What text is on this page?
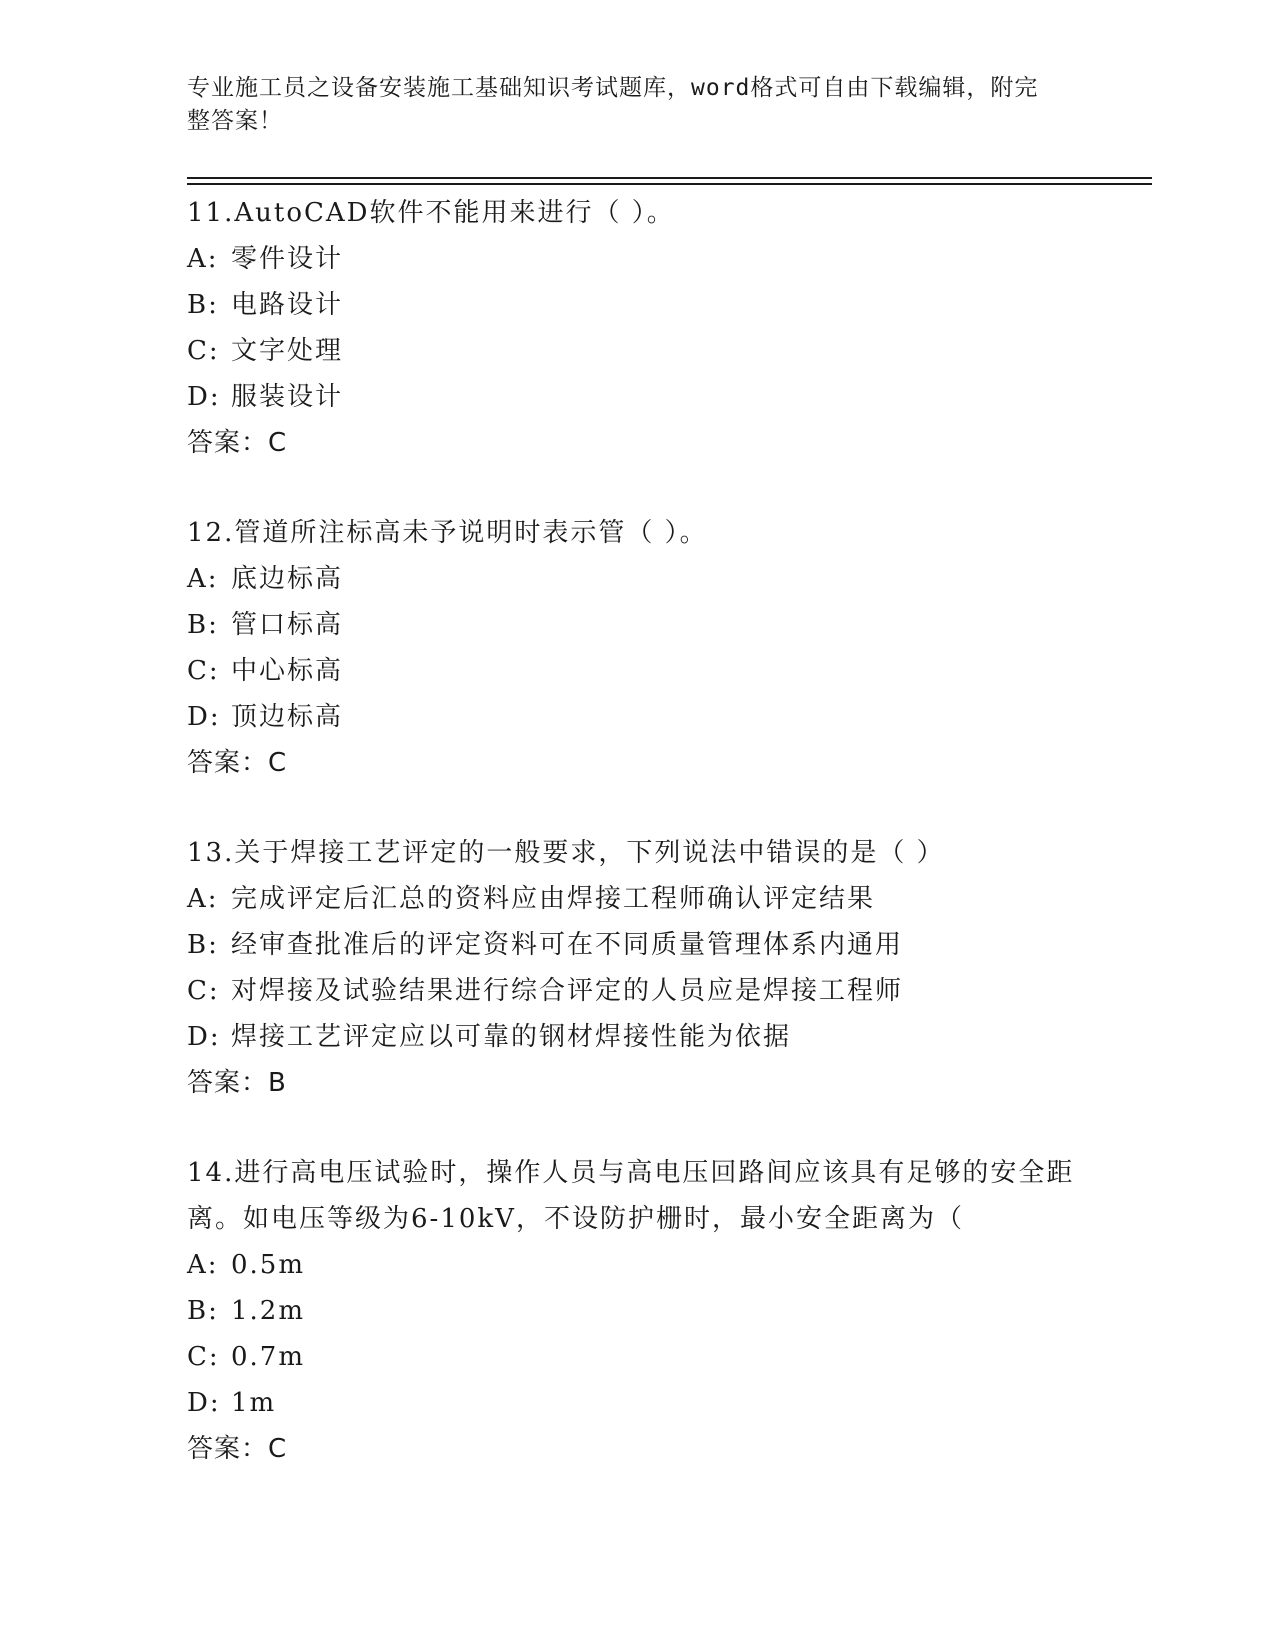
专业施工员之设备安装施工基础知识考试题库，word格式可自由下载编辑，附完
整答案！
11.AutoCAD软件不能用来进行（ ）。
A: 零件设计
B: 电路设计
C: 文字处理
D: 服装设计
答案：C
12.管道所注标高未予说明时表示管（ ）。
A: 底边标高
B: 管口标高
C: 中心标高
D: 顶边标高
答案：C
13.关于焊接工艺评定的一般要求，下列说法中错误的是（ ）
A: 完成评定后汇总的资料应由焊接工程师确认评定结果
B: 经审查批准后的评定资料可在不同质量管理体系内通用
C: 对焊接及试验结果进行综合评定的人员应是焊接工程师
D: 焊接工艺评定应以可靠的钢材焊接性能为依据
答案：B
14.进行高电压试验时，操作人员与高电压回路间应该具有足够的安全距离。如电压等级为6-10kV，不设防护栅时，最小安全距离为（
A: 0.5m
B: 1.2m
C: 0.7m
D: 1m
答案：C
